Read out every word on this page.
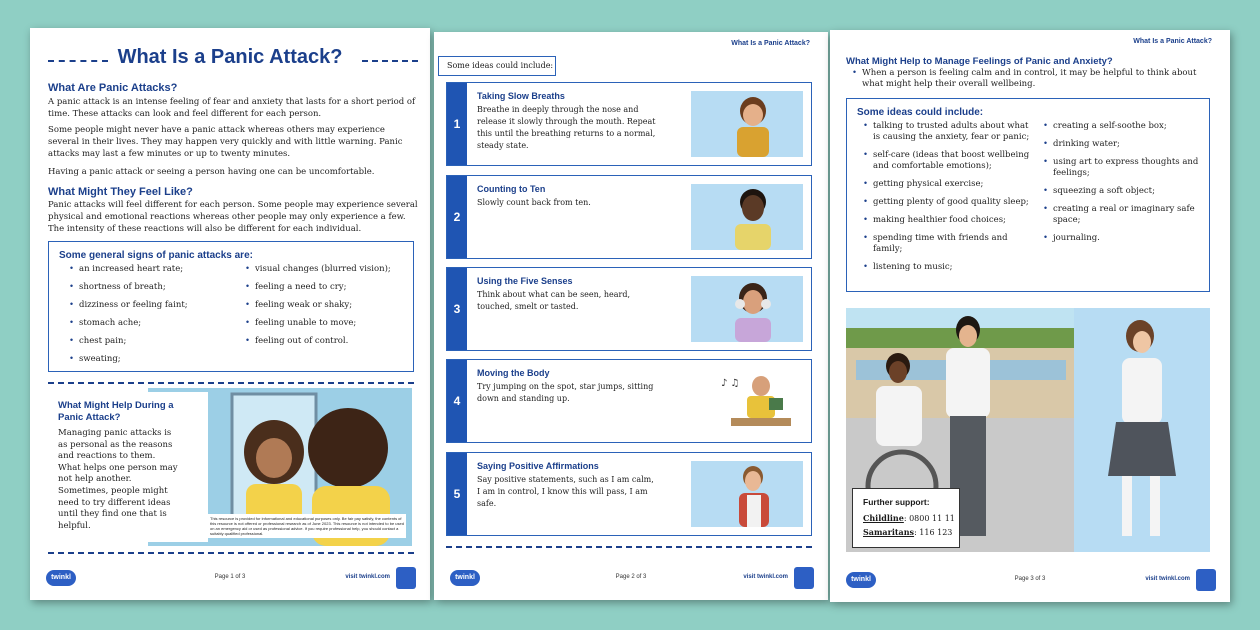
What Is a Panic Attack?
What Are Panic Attacks?
A panic attack is an intense feeling of fear and anxiety that lasts for a short period of time. These attacks can look and feel different for each person.
Some people might never have a panic attack whereas others may experience several in their lives. They may happen very quickly and with little warning. Panic attacks may last a few minutes or up to twenty minutes.
Having a panic attack or seeing a person having one can be uncomfortable.
What Might They Feel Like?
Panic attacks will feel different for each person. Some people may experience several physical and emotional reactions whereas other people may only experience a few. The intensity of these reactions will also be different for each individual.
Some general signs of panic attacks are:
• an increased heart rate;
• shortness of breath;
• dizziness or feeling faint;
• stomach ache;
• chest pain;
• sweating;
• visual changes (blurred vision);
• feeling a need to cry;
• feeling weak or shaky;
• feeling unable to move;
• feeling out of control.
What Might Help During a Panic Attack?
Managing panic attacks is as personal as the reasons and reactions to them. What helps one person may not help another.
Sometimes, people might need to try different ideas until they find one that is helpful.
This resource is provided for informational and educational purposes only. Be fair pay satisfy, the contents of this resource is not offered or professional research as of June 2023. This resource is not intended to be used on an emergency aid or used as professional advice. If you require professional help, you should contact a suitably qualified professional.
twinkl	Page 1 of 3	visit twinkl.com
What Is a Panic Attack?
Some ideas could include:
1
Taking Slow Breaths
Breathe in deeply through the nose and release it slowly through the mouth. Repeat this until the breathing returns to a normal, steady state.
2
Counting to Ten
Slowly count back from ten.
3
Using the Five Senses
Think about what can be seen, heard, touched, smelt or tasted.
4
Moving the Body
Try jumping on the spot, star jumps, sitting down and standing up.
♪ ♫
5
Saying Positive Affirmations
Say positive statements, such as I am calm, I am in control, I know this will pass, I am safe.
twinkl	Page 2 of 3	visit twinkl.com
What Is a Panic Attack?
What Might Help to Manage Feelings of Panic and Anxiety?
• When a person is feeling calm and in control, it may be helpful to think about what might help their overall wellbeing.
Some ideas could include:
• talking to trusted adults about what is causing the anxiety, fear or panic;
• self-care (ideas that boost wellbeing and comfortable emotions);
• getting physical exercise;
• getting plenty of good quality sleep;
• making healthier food choices;
• spending time with friends and family;
• listening to music;
• creating a self-soothe box;
• drinking water;
• using art to express thoughts and feelings;
• squeezing a soft object;
• creating a real or imaginary safe space;
• journaling.
Further support:
Childline: 0800 11 11
Samaritans: 116 123
twinkl	Page 3 of 3	visit twinkl.com
